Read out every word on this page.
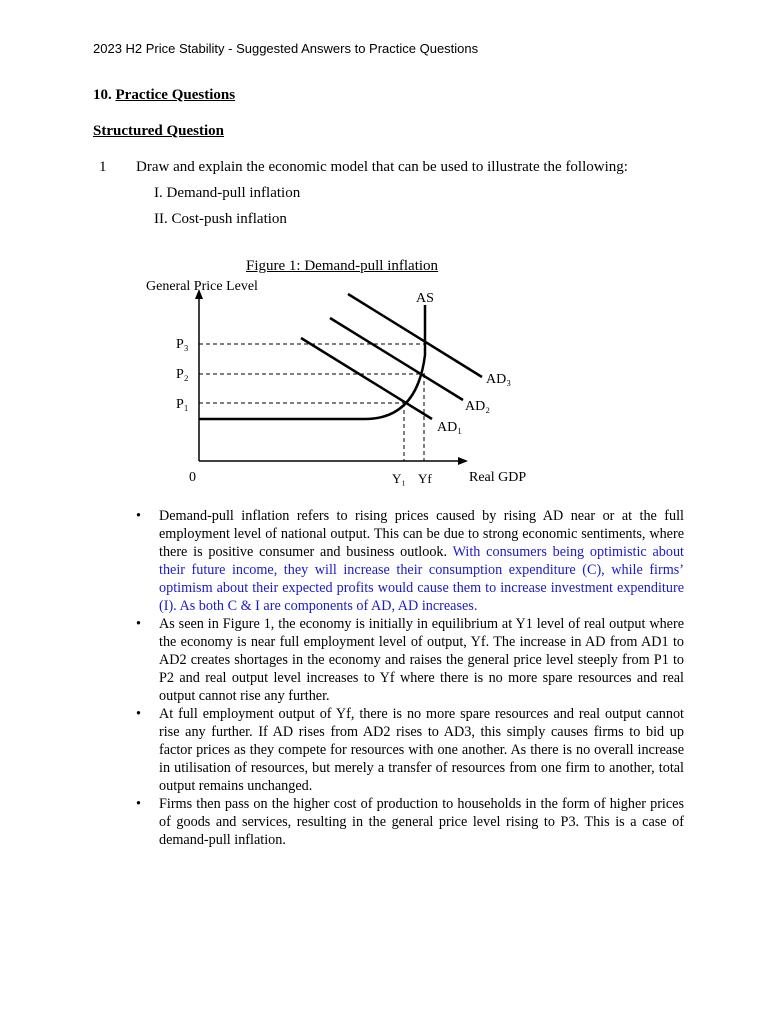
2023 H2 Price Stability - Suggested Answers to Practice Questions
10. Practice Questions
Structured Question
1 Draw and explain the economic model that can be used to illustrate the following:
I. Demand-pull inflation
II. Cost-push inflation
Figure 1: Demand-pull inflation
General Price Level
AS
P₃
P₂
P₁
AD₃
AD₂
AD₁
0	Y₁ Yf	Real GDP
• Demand-pull inflation refers to rising prices caused by rising AD near or at the full employment level of national output. This can be due to strong economic sentiments, where there is positive consumer and business outlook. With consumers being optimistic about their future income, they will increase their consumption expenditure (C), while firms’ optimism about their expected profits would cause them to increase investment expenditure (I). As both C & I are components of AD, AD increases.
• As seen in Figure 1, the economy is initially in equilibrium at Y1 level of real output where the economy is near full employment level of output, Yf. The increase in AD from AD1 to AD2 creates shortages in the economy and raises the general price level steeply from P1 to P2 and real output level increases to Yf where there is no more spare resources and real output cannot rise any further.
• At full employment output of Yf, there is no more spare resources and real output cannot rise any further. If AD rises from AD2 rises to AD3, this simply causes firms to bid up factor prices as they compete for resources with one another. As there is no overall increase in utilisation of resources, but merely a transfer of resources from one firm to another, total output remains unchanged.
• Firms then pass on the higher cost of production to households in the form of higher prices of goods and services, resulting in the general price level rising to P3. This is a case of demand-pull inflation.
